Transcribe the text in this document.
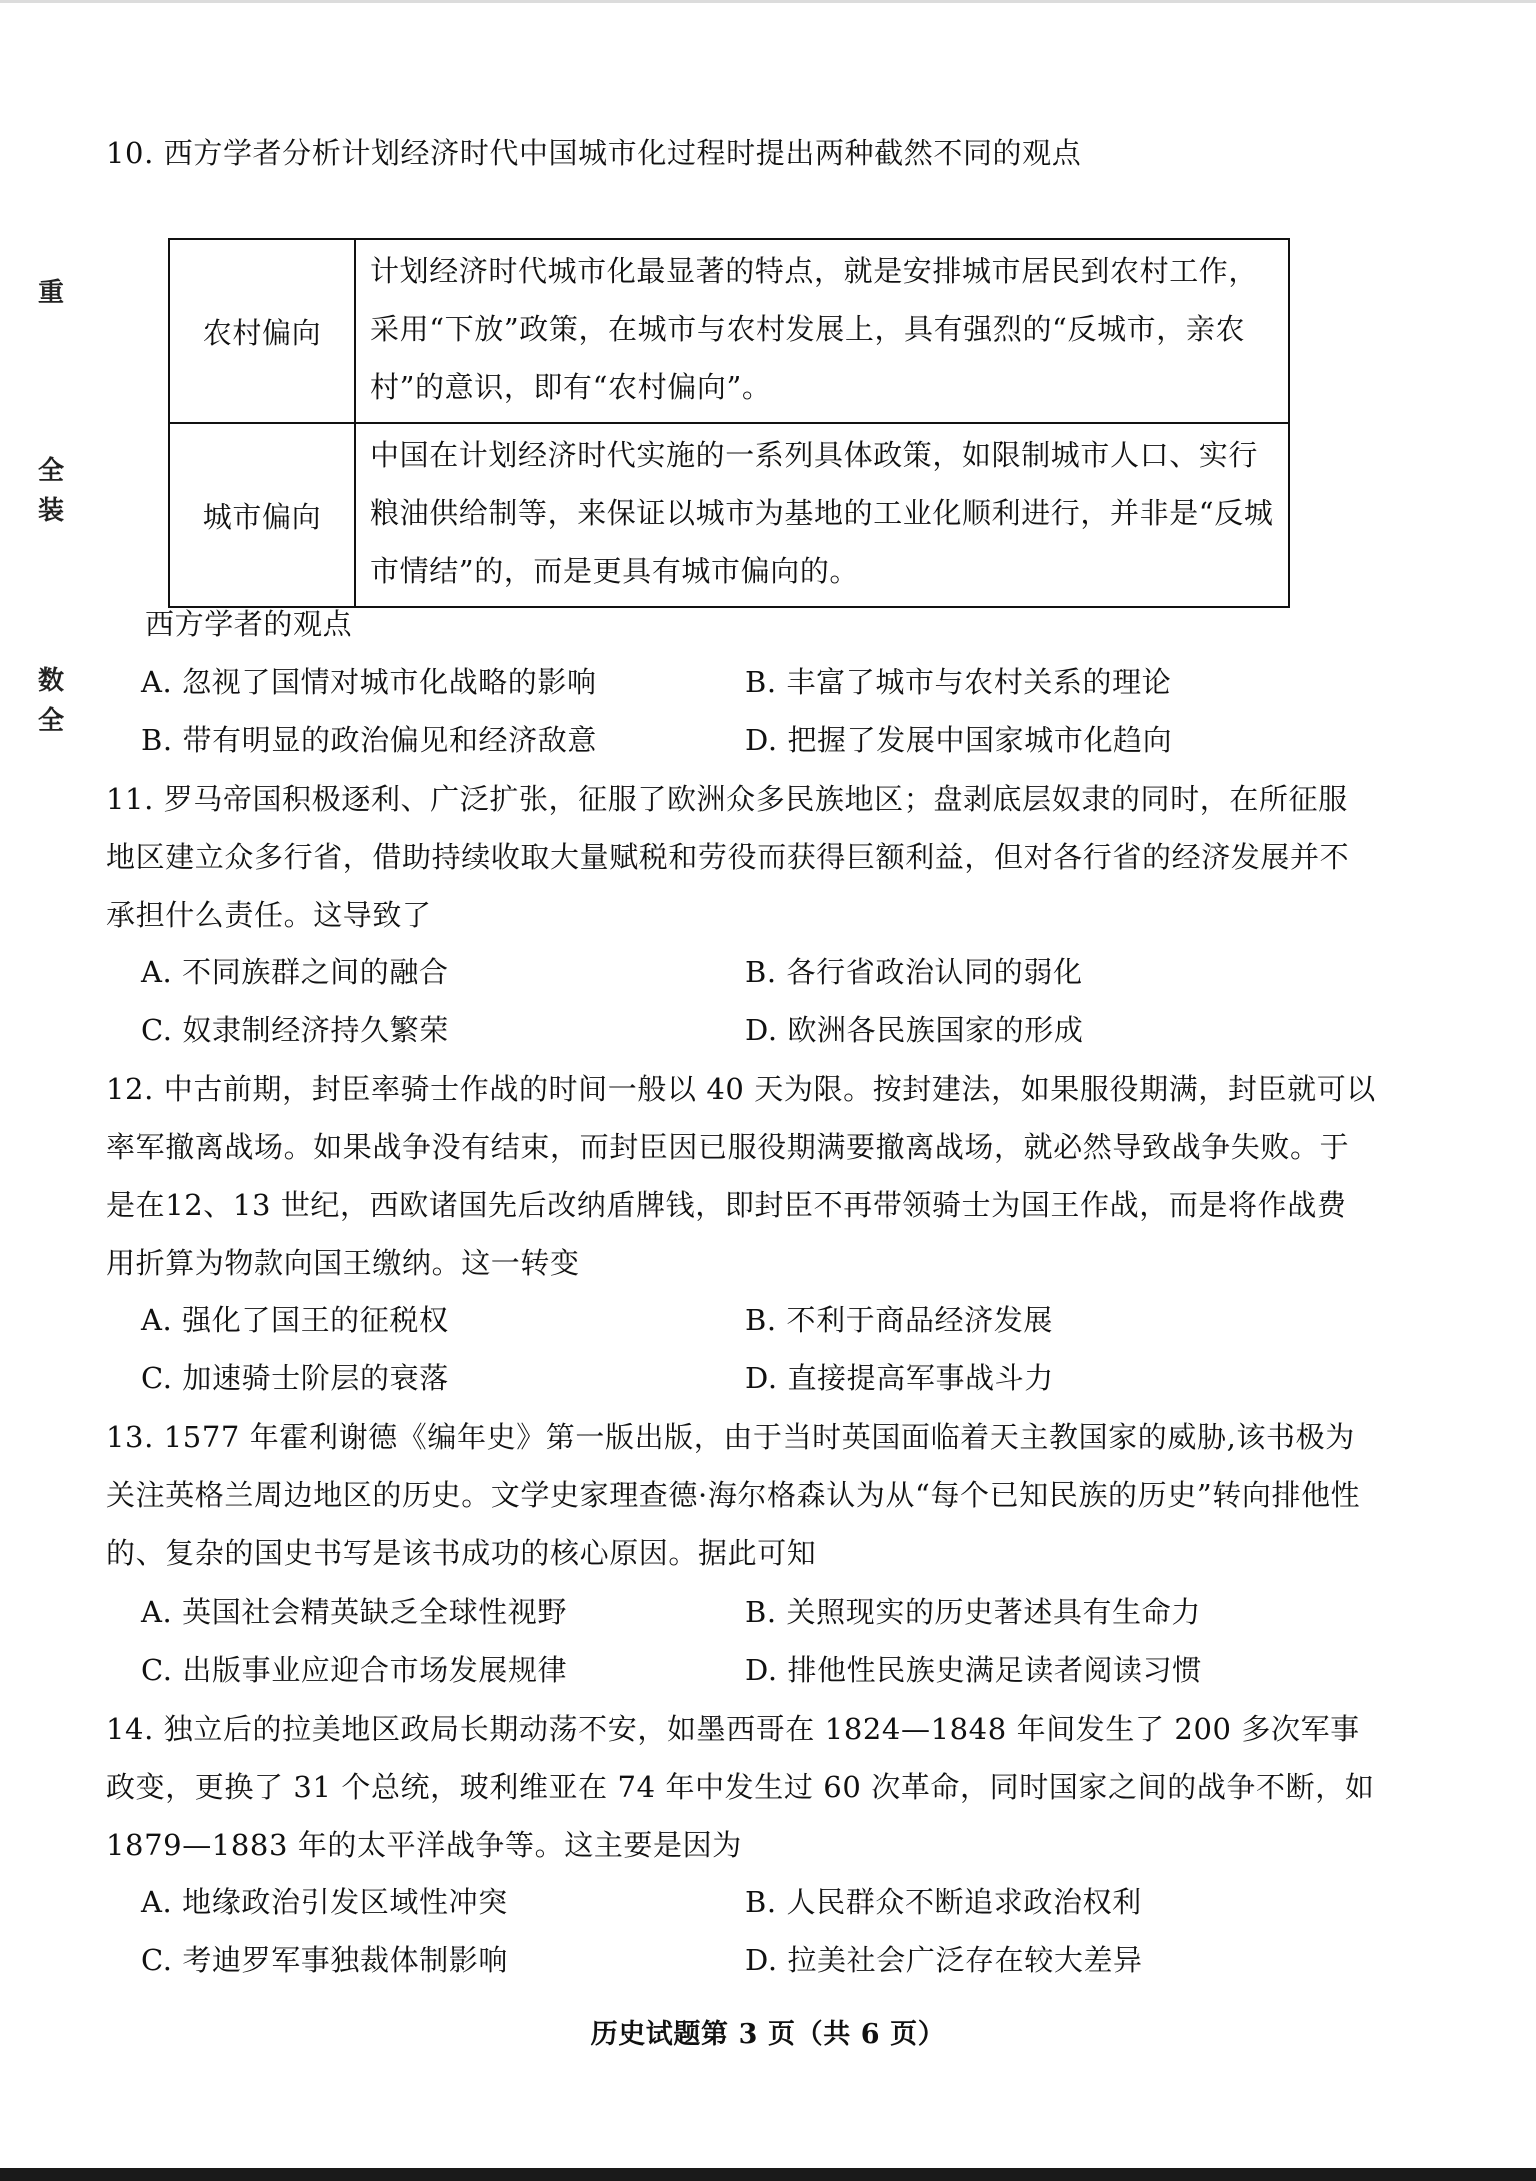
重
全
装
数
全
10. 西方学者分析计划经济时代中国城市化过程时提出两种截然不同的观点
农村偏向	计划经济时代城市化最显著的特点，就是安排城市居民到农村工作，采用“下放”政策，在城市与农村发展上，具有强烈的“反城市，亲农村”的意识，即有“农村偏向”。
城市偏向	中国在计划经济时代实施的一系列具体政策，如限制城市人口、实行粮油供给制等，来保证以城市为基地的工业化顺利进行，并非是“反城市情结”的，而是更具有城市偏向的。
西方学者的观点
A. 忽视了国情对城市化战略的影响	B. 丰富了城市与农村关系的理论
B. 带有明显的政治偏见和经济敌意	D. 把握了发展中国家城市化趋向
11. 罗马帝国积极逐利、广泛扩张，征服了欧洲众多民族地区；盘剥底层奴隶的同时，在所征服地区建立众多行省，借助持续收取大量赋税和劳役而获得巨额利益，但对各行省的经济发展并不承担什么责任。这导致了
A. 不同族群之间的融合	B. 各行省政治认同的弱化
C. 奴隶制经济持久繁荣	D. 欧洲各民族国家的形成
12. 中古前期，封臣率骑士作战的时间一般以 40 天为限。按封建法，如果服役期满，封臣就可以率军撤离战场。如果战争没有结束，而封臣因已服役期满要撤离战场，就必然导致战争失败。于是在12、13 世纪，西欧诸国先后改纳盾牌钱，即封臣不再带领骑士为国王作战，而是将作战费用折算为物款向国王缴纳。这一转变
A. 强化了国王的征税权	B. 不利于商品经济发展
C. 加速骑士阶层的衰落	D. 直接提高军事战斗力
13. 1577 年霍利谢德《编年史》第一版出版，由于当时英国面临着天主教国家的威胁,该书极为关注英格兰周边地区的历史。文学史家理查德·海尔格森认为从“每个已知民族的历史”转向排他性的、复杂的国史书写是该书成功的核心原因。据此可知
A. 英国社会精英缺乏全球性视野	B. 关照现实的历史著述具有生命力
C. 出版事业应迎合市场发展规律	D. 排他性民族史满足读者阅读习惯
14. 独立后的拉美地区政局长期动荡不安，如墨西哥在 1824—1848 年间发生了 200 多次军事政变，更换了 31 个总统，玻利维亚在 74 年中发生过 60 次革命，同时国家之间的战争不断，如 1879—1883 年的太平洋战争等。这主要是因为
A. 地缘政治引发区域性冲突	B. 人民群众不断追求政治权利
C. 考迪罗军事独裁体制影响	D. 拉美社会广泛存在较大差异
历史试题第 3 页（共 6 页）
